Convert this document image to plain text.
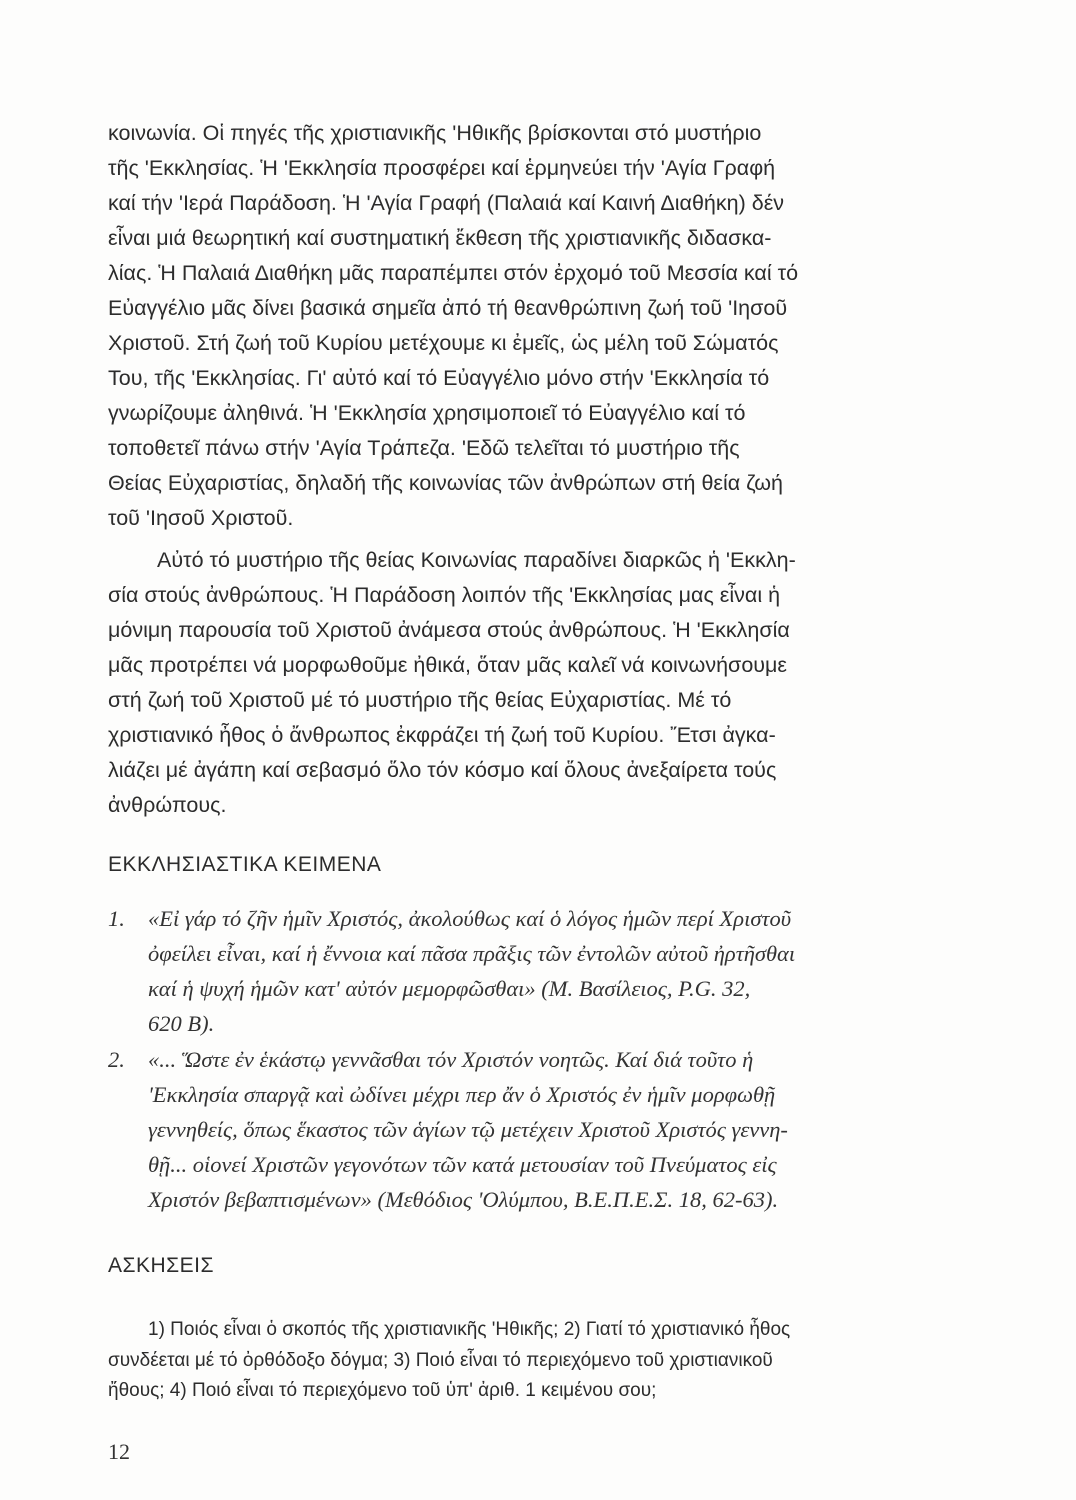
κοινωνία. Οἱ πηγές τῆς χριστιανικῆς 'Ηθικῆς βρίσκονται στό μυστήριο
τῆς 'Εκκλησίας. Ἡ 'Εκκλησία προσφέρει καί ἑρμηνεύει τήν 'Αγία Γραφή
καί τήν 'Ιερά Παράδοση. Ἡ 'Αγία Γραφή (Παλαιά καί Καινή Διαθήκη) δέν
εἶναι μιά θεωρητική καί συστηματική ἔκθεση τῆς χριστιανικῆς διδασκα-
λίας. Ἡ Παλαιά Διαθήκη μᾶς παραπέμπει στόν ἐρχομό τοῦ Μεσσία καί τό
Εὐαγγέλιο μᾶς δίνει βασικά σημεῖα ἀπό τή θεανθρώπινη ζωή τοῦ 'Ιησοῦ
Χριστοῦ. Στή ζωή τοῦ Κυρίου μετέχουμε κι ἐμεῖς, ὡς μέλη τοῦ Σώματός
Του, τῆς 'Εκκλησίας. Γι' αὐτό καί τό Εὐαγγέλιο μόνο στήν 'Εκκλησία τό
γνωρίζουμε ἀληθινά. Ἡ 'Εκκλησία χρησιμοποιεῖ τό Εὐαγγέλιο καί τό
τοποθετεῖ πάνω στήν 'Αγία Τράπεζα. 'Εδῶ τελεῖται τό μυστήριο τῆς
Θείας Εὐχαριστίας, δηλαδή τῆς κοινωνίας τῶν ἀνθρώπων στή θεία ζωή
τοῦ 'Ιησοῦ Χριστοῦ.
Αὐτό τό μυστήριο τῆς θείας Κοινωνίας παραδίνει διαρκῶς ἡ 'Εκκλη-
σία στούς ἀνθρώπους. Ἡ Παράδοση λοιπόν τῆς 'Εκκλησίας μας εἶναι ἡ
μόνιμη παρουσία τοῦ Χριστοῦ ἀνάμεσα στούς ἀνθρώπους. Ἡ 'Εκκλησία
μᾶς προτρέπει νά μορφωθοῦμε ἠθικά, ὅταν μᾶς καλεῖ νά κοινωνήσουμε
στή ζωή τοῦ Χριστοῦ μέ τό μυστήριο τῆς θείας Εὐχαριστίας. Μέ τό
χριστιανικό ἦθος ὁ ἄνθρωπος ἐκφράζει τή ζωή τοῦ Κυρίου. Ἔτσι ἀγκα-
λιάζει μέ ἀγάπη καί σεβασμό ὅλο τόν κόσμο καί ὅλους ἀνεξαίρετα τούς
ἀνθρώπους.
ΕΚΚΛΗΣΙΑΣΤΙΚΑ ΚΕΙΜΕΝΑ
1. «Εἰ γάρ τό ζῆν ἡμῖν Χριστός, ἀκολούθως καί ὁ λόγος ἡμῶν περί Χριστοῦ
ὀφείλει εἶναι, καί ἡ ἔννοια καί πᾶσα πρᾶξις τῶν ἐντολῶν αὐτοῦ ἠρτῆσθαι
καί ἡ ψυχή ἡμῶν κατ' αὐτόν μεμορφῶσθαι» (Μ. Βασίλειος, P.G. 32,
620 B).
2. «... Ὥστε ἐν ἑκάστῳ γεννᾶσθαι τόν Χριστόν νοητῶς. Καί διά τοῦτο ἡ
'Εκκλησία σπαργᾷ καὶ ὠδίνει μέχρι περ ἄν ὁ Χριστός ἐν ἡμῖν μορφωθῇ
γεννηθείς, ὅπως ἕκαστος τῶν ἁγίων τῷ μετέχειν Χριστοῦ Χριστός γεννη-
θῇ... οἱονεί Χριστῶν γεγονότων τῶν κατά μετουσίαν τοῦ Πνεύματος εἰς
Χριστόν βεβαπτισμένων» (Μεθόδιος 'Ολύμπου, Β.Ε.Π.Ε.Σ. 18, 62-63).
ΑΣΚΗΣΕΙΣ
1) Ποιός εἶναι ὁ σκοπός τῆς χριστιανικῆς 'Ηθικῆς; 2) Γιατί τό χριστιανικό ἦθος
συνδέεται μέ τό ὀρθόδοξο δόγμα; 3) Ποιό εἶναι τό περιεχόμενο τοῦ χριστιανικοῦ
ἤθους; 4) Ποιό εἶναι τό περιεχόμενο τοῦ ὑπ' ἀριθ. 1 κειμένου σου;
12
